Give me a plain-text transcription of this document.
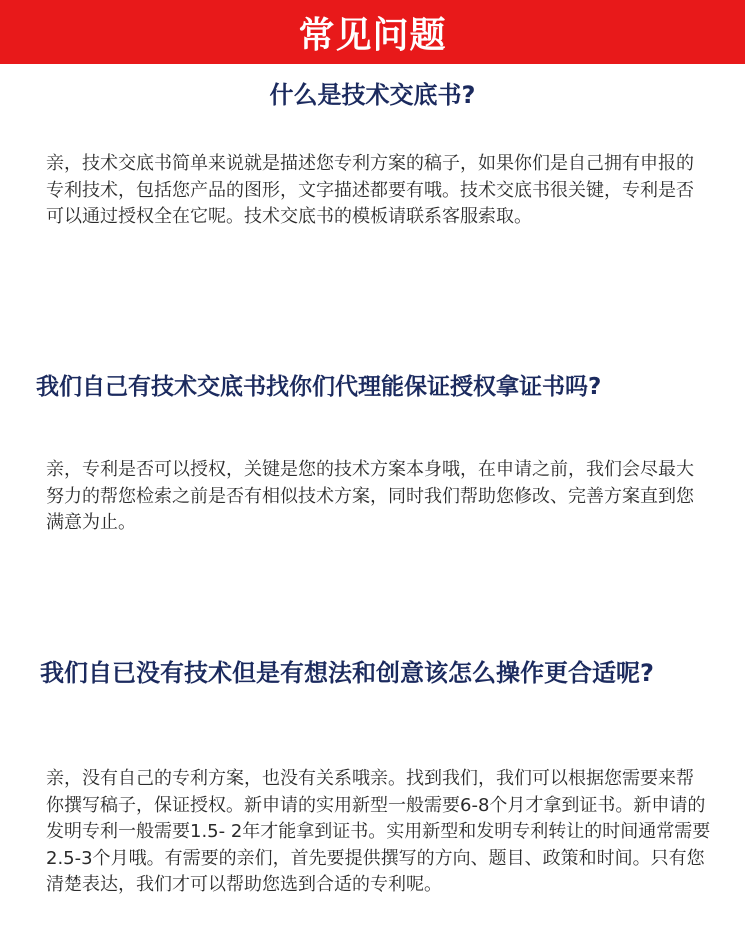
常见问题
什么是技术交底书?

亲，技术交底书简单来说就是描述您专利方案的稿子，如果你们是自己拥有申报的专利技术，包括您产品的图形，文字描述都要有哦。技术交底书很关键，专利是否可以通过授权全在它呢。技术交底书的模板请联系客服索取。

我们自己有技术交底书找你们代理能保证授权拿证书吗?

亲，专利是否可以授权，关键是您的技术方案本身哦，在申请之前，我们会尽最大努力的帮您检索之前是否有相似技术方案，同时我们帮助您修改、完善方案直到您满意为止。

我们自已没有技术但是有想法和创意该怎么操作更合适呢?

亲，没有自己的专利方案，也没有关系哦亲。找到我们，我们可以根据您需要来帮你撰写稿子，保证授权。新申请的实用新型一般需要6-8个月才拿到证书。新申请的发明专利一般需要1.5- 2年才能拿到证书。实用新型和发明专利转让的时间通常需要2.5-3个月哦。有需要的亲们，首先要提供撰写的方向、题目、政策和时间。只有您清楚表达，我们才可以帮助您选到合适的专利呢。
